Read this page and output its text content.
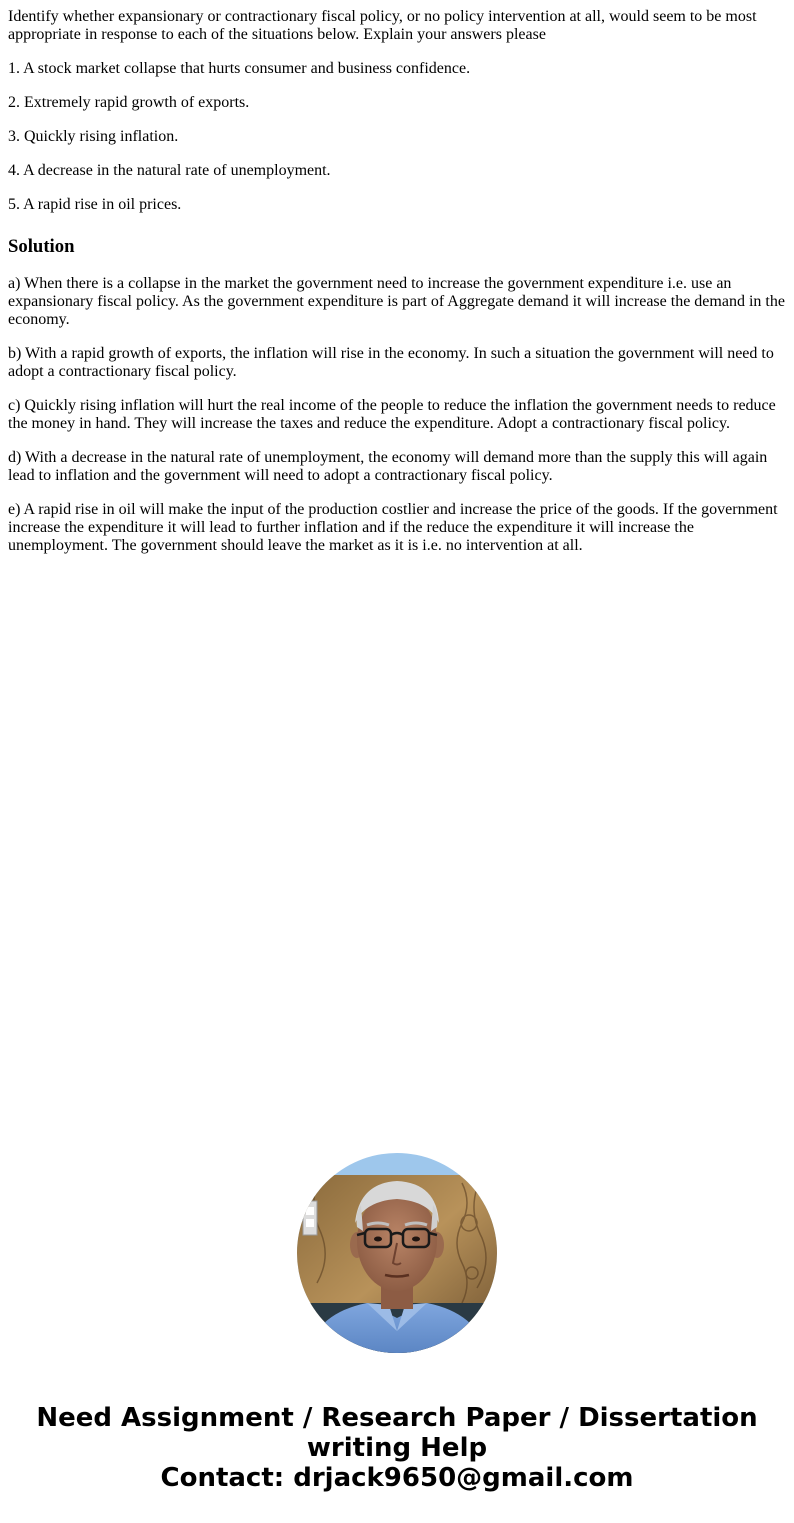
Identify whether expansionary or contractionary fiscal policy, or no policy intervention at all, would seem to be most appropriate in response to each of the situations below. Explain your answers please

1. A stock market collapse that hurts consumer and business confidence.

2. Extremely rapid growth of exports.

3. Quickly rising inflation.

4. A decrease in the natural rate of unemployment.

5. A rapid rise in oil prices.

Solution

a) When there is a collapse in the market the government need to increase the government expenditure i.e. use an expansionary fiscal policy. As the government expenditure is part of Aggregate demand it will increase the demand in the economy.

b) With a rapid growth of exports, the inflation will rise in the economy. In such a situation the government will need to adopt a contractionary fiscal policy.

c) Quickly rising inflation will hurt the real income of the people to reduce the inflation the government needs to reduce the money in hand. They will increase the taxes and reduce the expenditure. Adopt a contractionary fiscal policy.

d) With a decrease in the natural rate of unemployment, the economy will demand more than the supply this will again lead to inflation and the government will need to adopt a contractionary fiscal policy.

e) A rapid rise in oil will make the input of the production costlier and increase the price of the goods. If the government increase the expenditure it will lead to further inflation and if the reduce the expenditure it will increase the unemployment. The government should leave the market as it is i.e. no intervention at all.

Need Assignment / Research Paper / Dissertation
writing Help
Contact: drjack9650@gmail.com
